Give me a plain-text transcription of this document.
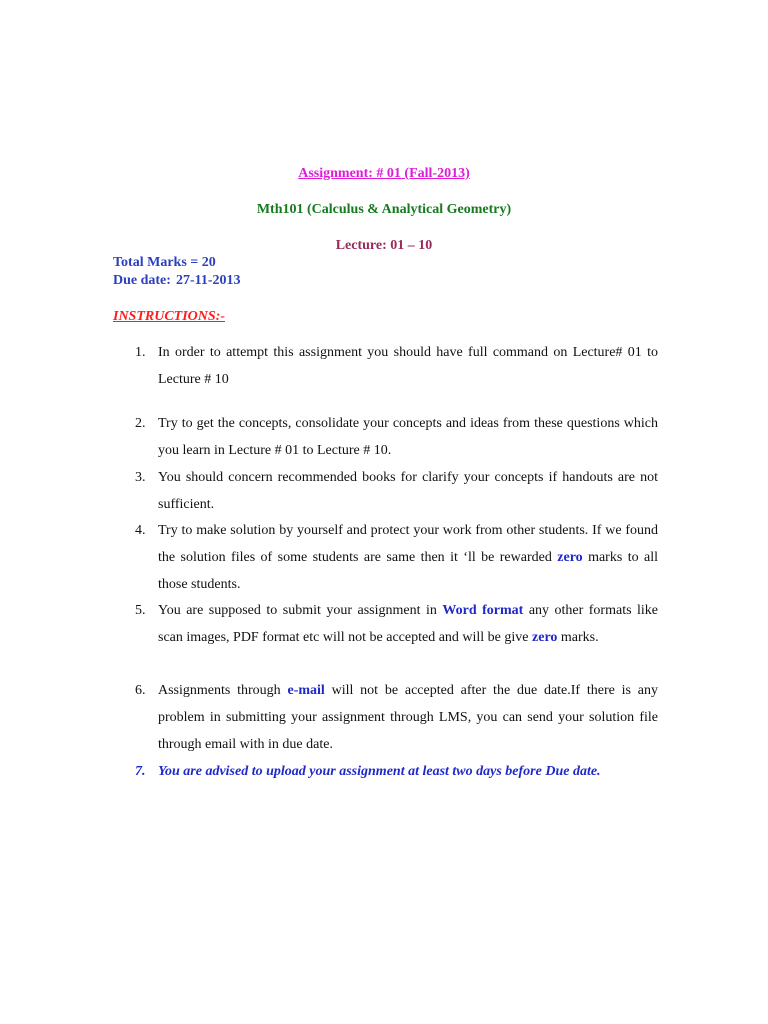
Assignment: # 01 (Fall-2013)
Mth101 (Calculus & Analytical Geometry)
Lecture: 01 – 10
Total Marks = 20
Due date: 27-11-2013
INSTRUCTIONS:-
1. In order to attempt this assignment you should have full command on Lecture# 01 to Lecture # 10
2. Try to get the concepts, consolidate your concepts and ideas from these questions which you learn in Lecture # 01 to Lecture # 10.
3. You should concern recommended books for clarify your concepts if handouts are not sufficient.
4. Try to make solution by yourself and protect your work from other students. If we found the solution files of some students are same then it ‘ll be rewarded zero marks to all those students.
5. You are supposed to submit your assignment in Word format any other formats like scan images, PDF format etc will not be accepted and will be give zero marks.
6. Assignments through e-mail will not be accepted after the due date.If there is any problem in submitting your assignment through LMS, you can send your solution file through email with in due date.
7. You are advised to upload your assignment at least two days before Due date.
